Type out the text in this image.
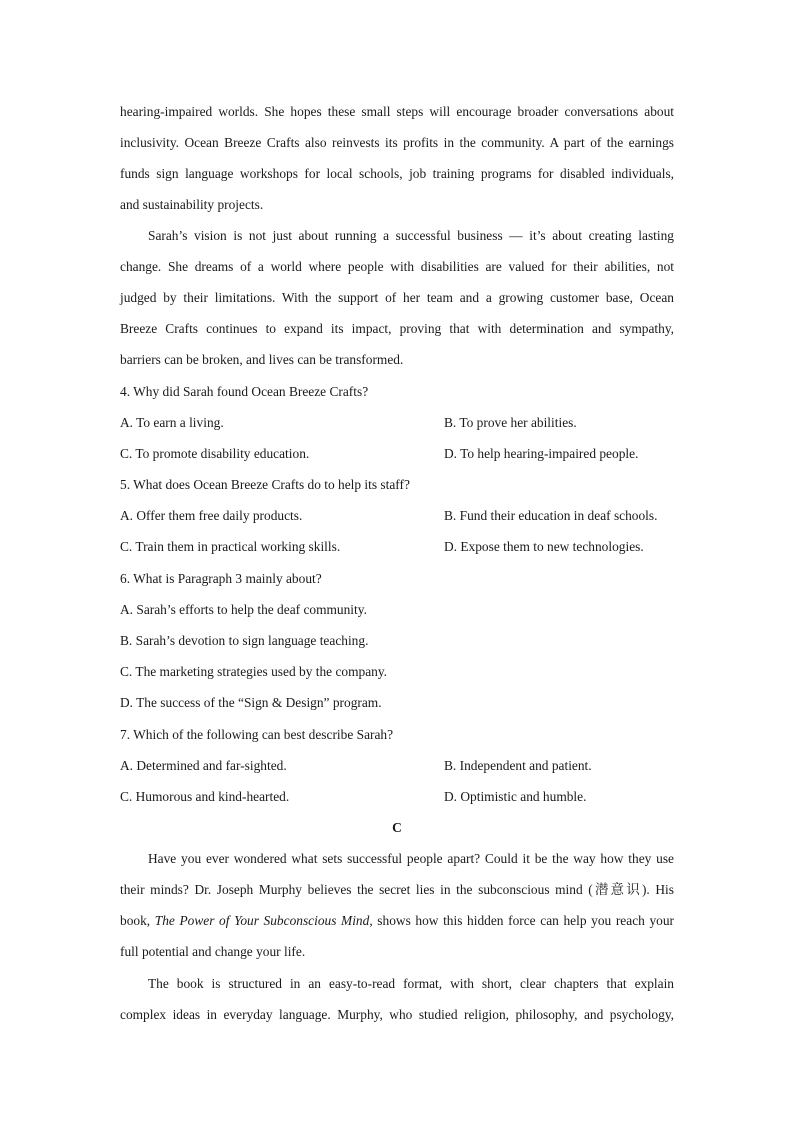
hearing-impaired worlds. She hopes these small steps will encourage broader conversations about
inclusivity. Ocean Breeze Crafts also reinvests its profits in the community. A part of the earnings
funds sign language workshops for local schools, job training programs for disabled individuals,
and sustainability projects.
Sarah’s vision is not just about running a successful business — it’s about creating lasting
change. She dreams of a world where people with disabilities are valued for their abilities, not
judged by their limitations. With the support of her team and a growing customer base, Ocean
Breeze Crafts continues to expand its impact, proving that with determination and sympathy,
barriers can be broken, and lives can be transformed.
4. Why did Sarah found Ocean Breeze Crafts?
A. To earn a living.	B. To prove her abilities.
C. To promote disability education.	D. To help hearing-impaired people.
5. What does Ocean Breeze Crafts do to help its staff?
A. Offer them free daily products.	B. Fund their education in deaf schools.
C. Train them in practical working skills.	D. Expose them to new technologies.
6. What is Paragraph 3 mainly about?
A. Sarah’s efforts to help the deaf community.
B. Sarah’s devotion to sign language teaching.
C. The marketing strategies used by the company.
D. The success of the “Sign & Design” program.
7. Which of the following can best describe Sarah?
A. Determined and far-sighted.	B. Independent and patient.
C. Humorous and kind-hearted.	D. Optimistic and humble.
C
Have you ever wondered what sets successful people apart? Could it be the way how they use
their minds? Dr. Joseph Murphy believes the secret lies in the subconscious mind (潜意识). His
book, The Power of Your Subconscious Mind, shows how this hidden force can help you reach your
full potential and change your life.
The book is structured in an easy-to-read format, with short, clear chapters that explain
complex ideas in everyday language. Murphy, who studied religion, philosophy, and psychology,
